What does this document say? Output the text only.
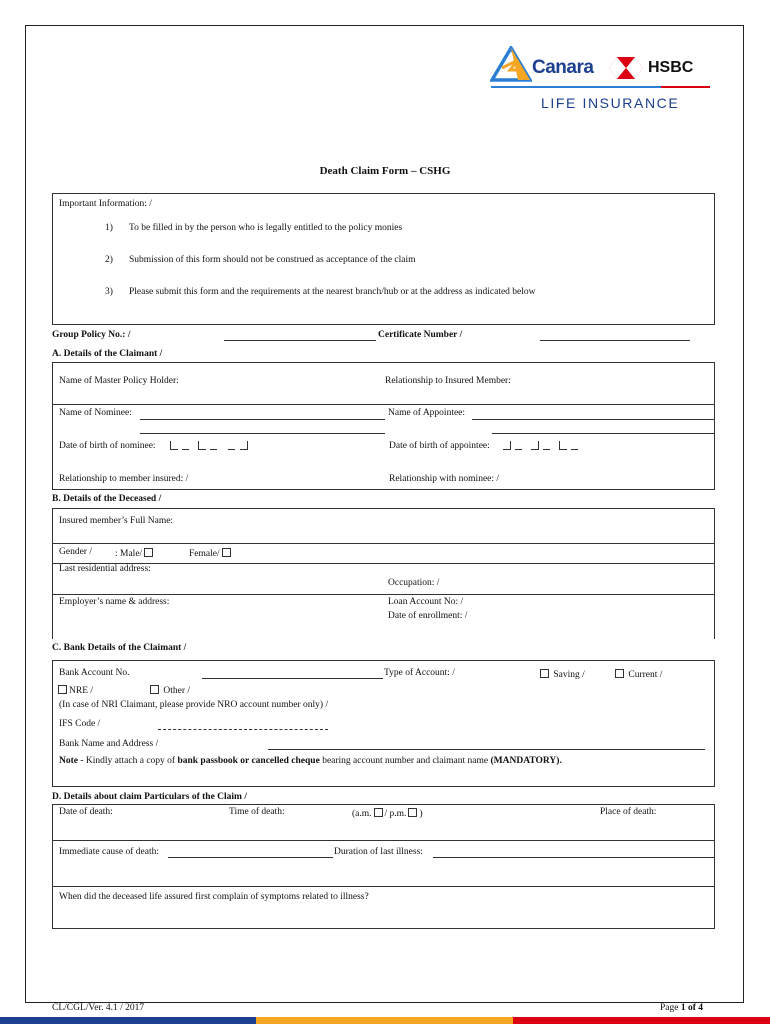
Canara	HSBC
LIFE INSURANCE
Death Claim Form – CSHG
Important Information: /
1) To be filled in by the person who is legally entitled to the policy monies
2) Submission of this form should not be construed as acceptance of the claim
3) Please submit this form and the requirements at the nearest branch/hub or at the address as indicated below
Group Policy No.: /	Certificate Number /
A. Details of the Claimant /
Name of Master Policy Holder:	Relationship to Insured Member:
Name of Nominee:	Name of Appointee:
Date of birth of nominee:	Date of birth of appointee:
Relationship to member insured: /	Relationship with nominee: /
B. Details of the Deceased /
Insured member’s Full Name:
Gender / : Male/	Female/
Last residential address:
Occupation: /
Employer’s name & address:	Loan Account No: /
Date of enrollment: /
C. Bank Details of the Claimant /
Bank Account No.	Type of Account: /	Saving /	Current /
NRE /	Other /
(In case of NRI Claimant, please provide NRO account number only) /
IFS Code /
Bank Name and Address /
Note - Kindly attach a copy of bank passbook or cancelled cheque bearing account number and claimant name (MANDATORY).
D. Details about claim Particulars of the Claim /
Date of death:	Time of death:	(a.m. / p.m. )	Place of death:
Immediate cause of death:	Duration of last illness:
When did the deceased life assured first complain of symptoms related to illness?
CL/CGL/Ver. 4.1 / 2017	Page 1 of 4
